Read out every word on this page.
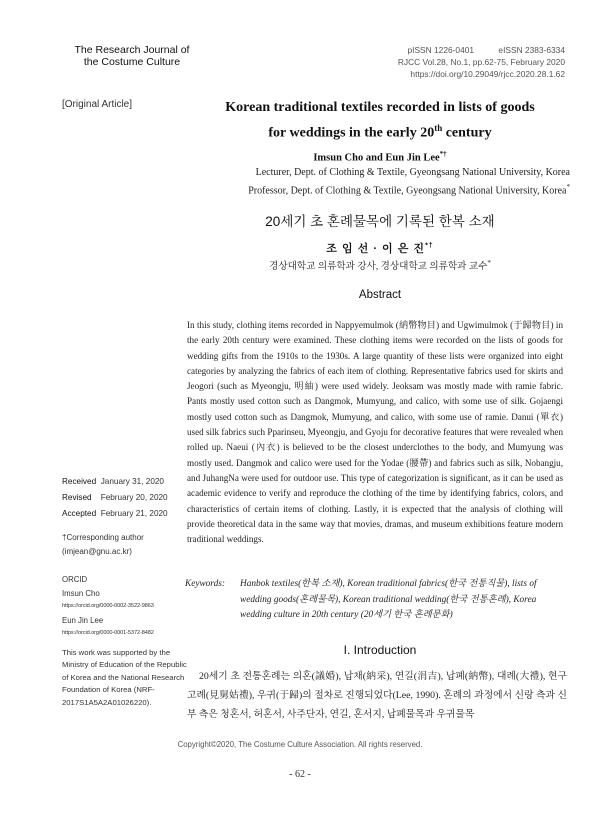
The Research Journal of
the Costume Culture
pISSN 1226-0401	eISSN 2383-6334
RJCC Vol.28, No.1, pp.62-75, February 2020
https://doi.org/10.29049/rjcc.2020.28.1.62
[Original Article]	Korean traditional textiles recorded in lists of goods
for weddings in the early 20th century
Imsun Cho and Eun Jin Lee*†
Lecturer, Dept. of Clothing & Textile, Gyeongsang National University, Korea
Professor, Dept. of Clothing & Textile, Gyeongsang National University, Korea*
20세기 초 혼례물목에 기록된 한복 소재
조 임 선 · 이 은 진*†
경상대학교 의류학과 강사, 경상대학교 의류학과 교수*
Abstract
In this study, clothing items recorded in Nappyemulmok (納幣物目) and Ugwimulmok (于歸物目) in the early 20th century were examined. These clothing items were recorded on the lists of goods for wedding gifts from the 1910s to the 1930s. A large quantity of these lists were organized into eight categories by analyzing the fabrics of each item of clothing. Representative fabrics used for skirts and Jeogori (such as Myeongju, 明紬) were used widely. Jeoksam was mostly made with ramie fabric. Pants mostly used cotton such as Dangmok, Mumyung, and calico, with some use of silk. Gojaengi mostly used cotton such as Dangmok, Mumyung, and calico, with some use of ramie. Danui (單衣) used silk fabrics such Pparinseu, Myeongju, and Gyoju for decorative features that were revealed when rolled up. Naeui (內衣) is believed to be the closest underclothes to the body, and Mumyung was mostly used. Dangmok and calico were used for the Yodae (腰帶) and fabrics such as silk, Nobangju, and JuhangNa were used for outdoor use. This type of categorization is significant, as it can be used as academic evidence to verify and reproduce the clothing of the time by identifying fabrics, colors, and characteristics of certain items of clothing. Lastly, it is expected that the analysis of clothing will provide theoretical data in the same way that movies, dramas, and museum exhibitions feature modern traditional weddings.
Received January 31, 2020
Revised February 20, 2020
Accepted February 21, 2020
†Corresponding author
(imjean@gnu.ac.kr)
ORCID
Imsun Cho
https://orcid.org/0000-0002-3522-9863
Eun Jin Lee
https://orcid.org/0000-0001-5372-8482
This work was supported by the Ministry of Education of the Republic of Korea and the National Research Foundation of Korea (NRF-2017S1A5A2A01026220).
Keywords: Hanbok textiles(한복 소재), Korean traditional fabrics(한국 전통직물), lists of wedding goods(혼례물목), Korean traditional wedding(한국 전통혼례), Korea wedding culture in 20th century (20세기 한국 혼례문화)
I. Introduction

20세기 초 전통혼례는 의혼(議婚), 납채(納采), 연길(涓吉), 납폐(納幣), 대례(大禮), 현구고례(見舅姑禮), 우귀(于歸)의 절차로 진행되었다(Lee, 1990). 혼례의 과정에서 신랑 측과 신부 측은 청혼서, 허혼서, 사주단자, 연길, 혼서지, 납폐물목과 우귀물목

Copyright©2020, The Costume Culture Association. All rights reserved.
- 62 -
